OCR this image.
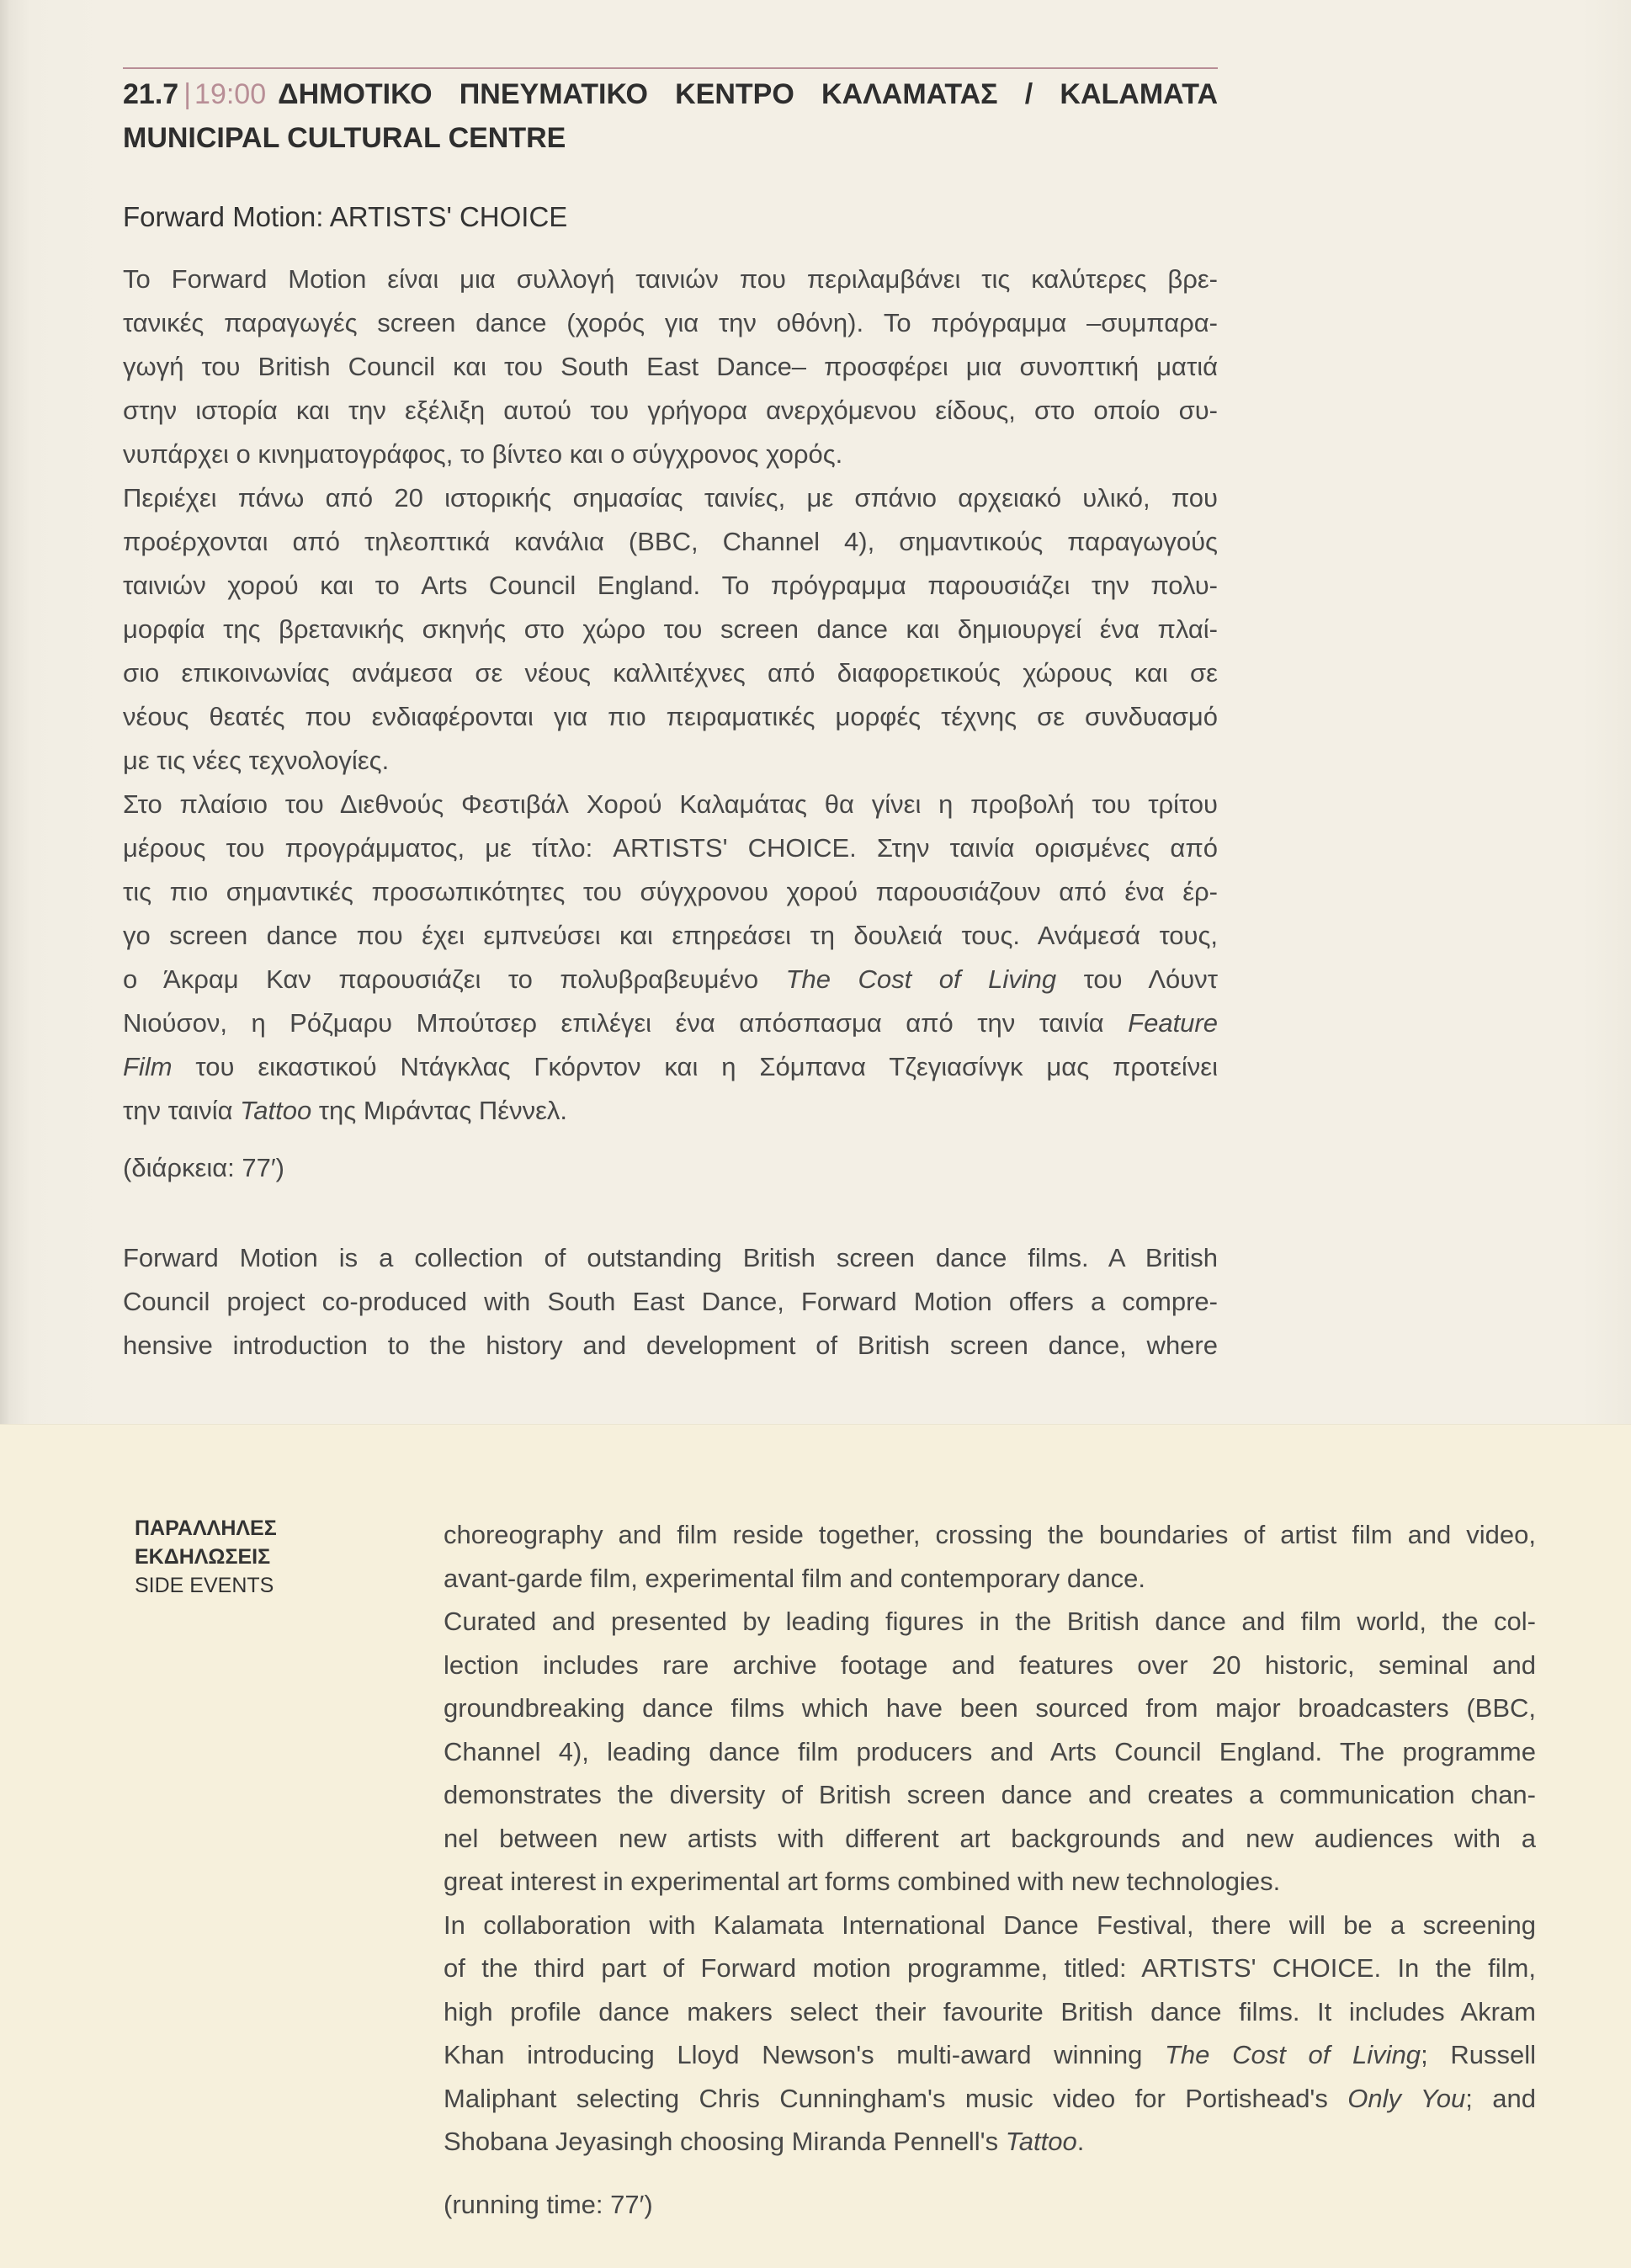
21.7 | 19:00 ΔΗΜΟΤΙΚΟ ΠΝΕΥΜΑΤΙΚΟ ΚΕΝΤΡΟ ΚΑΛΑΜΑΤΑΣ / KALAMATA
MUNICIPAL CULTURAL CENTRE
Forward Motion: ARTISTS' CHOICE
Το Forward Motion είναι μια συλλογή ταινιών που περιλαμβάνει τις καλύτερες βρε-
τανικές παραγωγές screen dance (χορός για την οθόνη). Το πρόγραμμα –συμπαρα-
γωγή του British Council και του South East Dance– προσφέρει μια συνοπτική ματιά
στην ιστορία και την εξέλιξη αυτού του γρήγορα ανερχόμενου είδους, στο οποίο συ-
νυπάρχει ο κινηματογράφος, το βίντεο και ο σύγχρονος χορός.
Περιέχει πάνω από 20 ιστορικής σημασίας ταινίες, με σπάνιο αρχειακό υλικό, που
προέρχονται από τηλεοπτικά κανάλια (BBC, Channel 4), σημαντικούς παραγωγούς
ταινιών χορού και το Arts Council England. Το πρόγραμμα παρουσιάζει την πολυ-
μορφία της βρετανικής σκηνής στο χώρο του screen dance και δημιουργεί ένα πλαί-
σιο επικοινωνίας ανάμεσα σε νέους καλλιτέχνες από διαφορετικούς χώρους και σε
νέους θεατές που ενδιαφέρονται για πιο πειραματικές μορφές τέχνης σε συνδυασμό
με τις νέες τεχνολογίες.
Στο πλαίσιο του Διεθνούς Φεστιβάλ Χορού Καλαμάτας θα γίνει η προβολή του τρίτου
μέρους του προγράμματος, με τίτλο: ARTISTS' CHOICE. Στην ταινία ορισμένες από
τις πιο σημαντικές προσωπικότητες του σύγχρονου χορού παρουσιάζουν από ένα έρ-
γο screen dance που έχει εμπνεύσει και επηρεάσει τη δουλειά τους. Ανάμεσά τους,
ο Άκραμ Καν παρουσιάζει το πολυβραβευμένο The Cost of Living του Λόυντ
Νιούσον, η Ρόζμαρυ Μπούτσερ επιλέγει ένα απόσπασμα από την ταινία Feature
Film του εικαστικού Ντάγκλας Γκόρντον και η Σόμπανα Τζεγιασίνγκ μας προτείνει
την ταινία Tattoo της Μιράντας Πέννελ.
(διάρκεια: 77′)
Forward Motion is a collection of outstanding British screen dance films. A British
Council project co-produced with South East Dance, Forward Motion offers a compre-
hensive introduction to the history and development of British screen dance, where
ΠΑΡΑΛΛΗΛΕΣ
ΕΚΔΗΛΩΣΕΙΣ
SIDE EVENTS
choreography and film reside together, crossing the boundaries of artist film and video,
avant-garde film, experimental film and contemporary dance.
Curated and presented by leading figures in the British dance and film world, the col-
lection includes rare archive footage and features over 20 historic, seminal and
groundbreaking dance films which have been sourced from major broadcasters (BBC,
Channel 4), leading dance film producers and Arts Council England. The programme
demonstrates the diversity of British screen dance and creates a communication chan-
nel between new artists with different art backgrounds and new audiences with a
great interest in experimental art forms combined with new technologies.
In collaboration with Kalamata International Dance Festival, there will be a screening
of the third part of Forward motion programme, titled: ARTISTS' CHOICE. In the film,
high profile dance makers select their favourite British dance films. It includes Akram
Khan introducing Lloyd Newson's multi-award winning The Cost of Living; Russell
Maliphant selecting Chris Cunningham's music video for Portishead's Only You; and
Shobana Jeyasingh choosing Miranda Pennell's Tattoo.
(running time: 77′)
